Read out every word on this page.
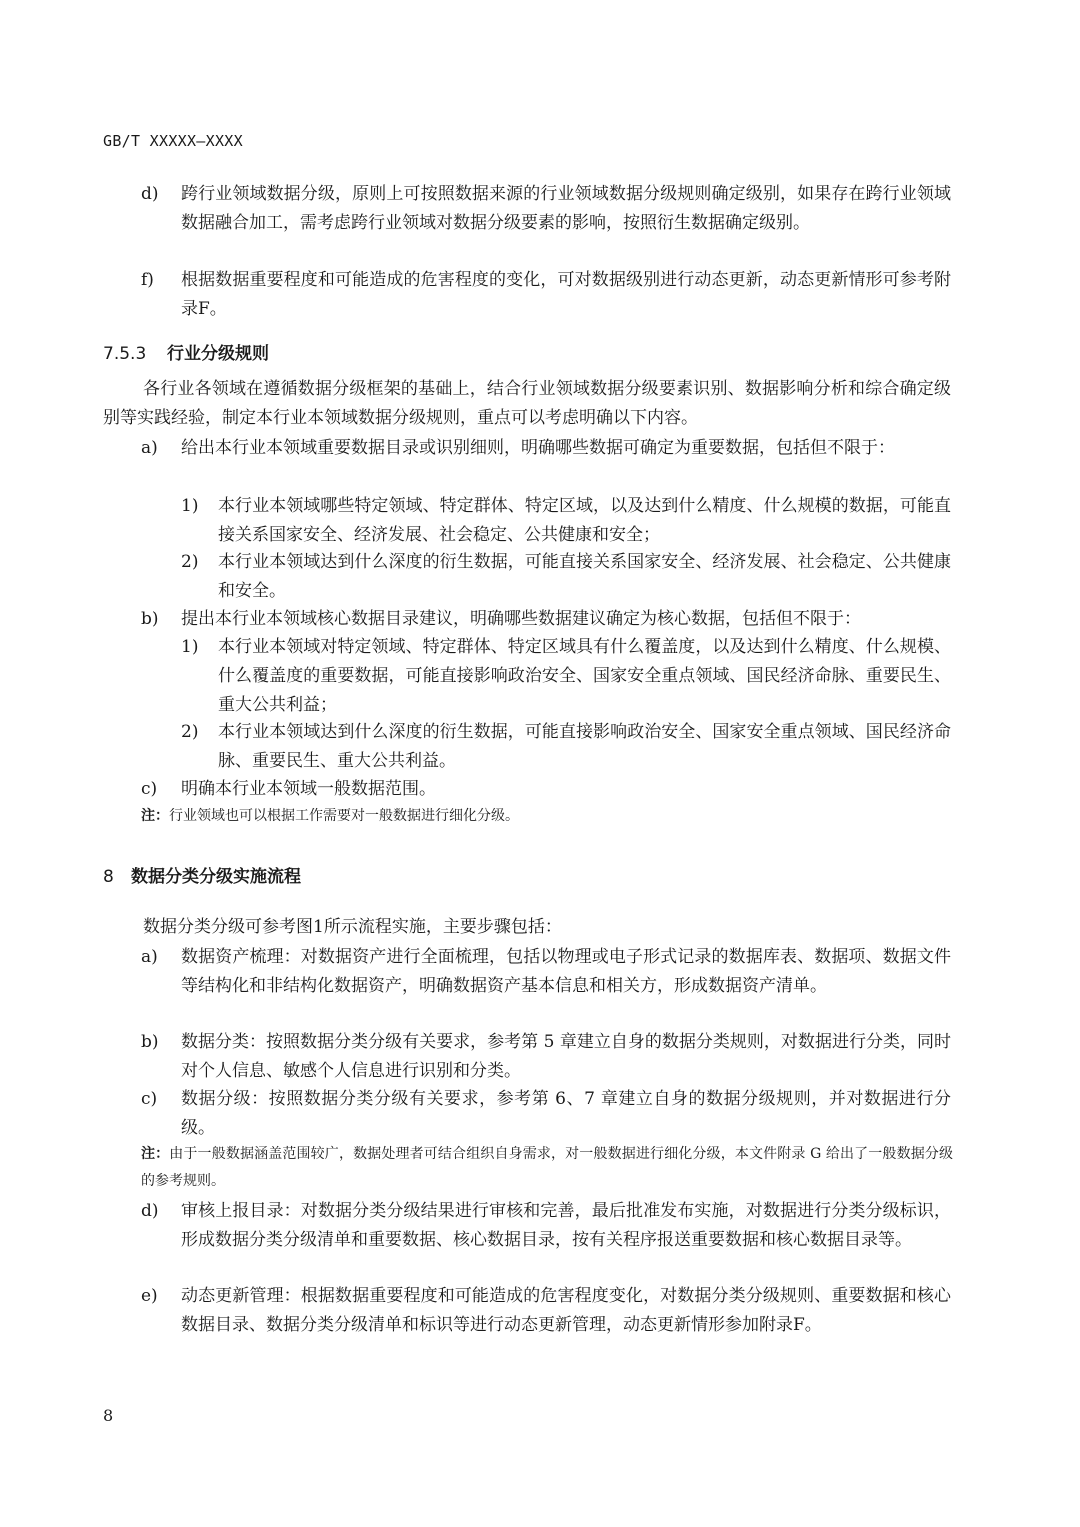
GB/T XXXXX—XXXX
d) 跨行业领域数据分级，原则上可按照数据来源的行业领域数据分级规则确定级别，如果存在跨行业领域数据融合加工，需考虑跨行业领域对数据分级要素的影响，按照衍生数据确定级别。
f) 根据数据重要程度和可能造成的危害程度的变化，可对数据级别进行动态更新，动态更新情形可参考附录F。
7.5.3 行业分级规则
各行业各领域在遵循数据分级框架的基础上，结合行业领域数据分级要素识别、数据影响分析和综合确定级别等实践经验，制定本行业本领域数据分级规则，重点可以考虑明确以下内容。
a) 给出本行业本领域重要数据目录或识别细则，明确哪些数据可确定为重要数据，包括但不限于：
1) 本行业本领域哪些特定领域、特定群体、特定区域，以及达到什么精度、什么规模的数据，可能直接关系国家安全、经济发展、社会稳定、公共健康和安全；
2) 本行业本领域达到什么深度的衍生数据，可能直接关系国家安全、经济发展、社会稳定、公共健康和安全。
b) 提出本行业本领域核心数据目录建议，明确哪些数据建议确定为核心数据，包括但不限于：
1) 本行业本领域对特定领域、特定群体、特定区域具有什么覆盖度，以及达到什么精度、什么规模、什么覆盖度的重要数据，可能直接影响政治安全、国家安全重点领域、国民经济命脉、重要民生、重大公共利益；
2) 本行业本领域达到什么深度的衍生数据，可能直接影响政治安全、国家安全重点领域、国民经济命脉、重要民生、重大公共利益。
c) 明确本行业本领域一般数据范围。
注：行业领域也可以根据工作需要对一般数据进行细化分级。
8 数据分类分级实施流程
数据分类分级可参考图1所示流程实施，主要步骤包括：
a) 数据资产梳理：对数据资产进行全面梳理，包括以物理或电子形式记录的数据库表、数据项、数据文件等结构化和非结构化数据资产，明确数据资产基本信息和相关方，形成数据资产清单。
b) 数据分类：按照数据分类分级有关要求，参考第 5 章建立自身的数据分类规则，对数据进行分类，同时对个人信息、敏感个人信息进行识别和分类。
c) 数据分级：按照数据分类分级有关要求，参考第 6、7 章建立自身的数据分级规则，并对数据进行分级。
注：由于一般数据涵盖范围较广，数据处理者可结合组织自身需求，对一般数据进行细化分级，本文件附录 G 给出了一般数据分级的参考规则。
d) 审核上报目录：对数据分类分级结果进行审核和完善，最后批准发布实施，对数据进行分类分级标识，形成数据分类分级清单和重要数据、核心数据目录，按有关程序报送重要数据和核心数据目录等。
e) 动态更新管理：根据数据重要程度和可能造成的危害程度变化，对数据分类分级规则、重要数据和核心数据目录、数据分类分级清单和标识等进行动态更新管理，动态更新情形参加附录F。
8
